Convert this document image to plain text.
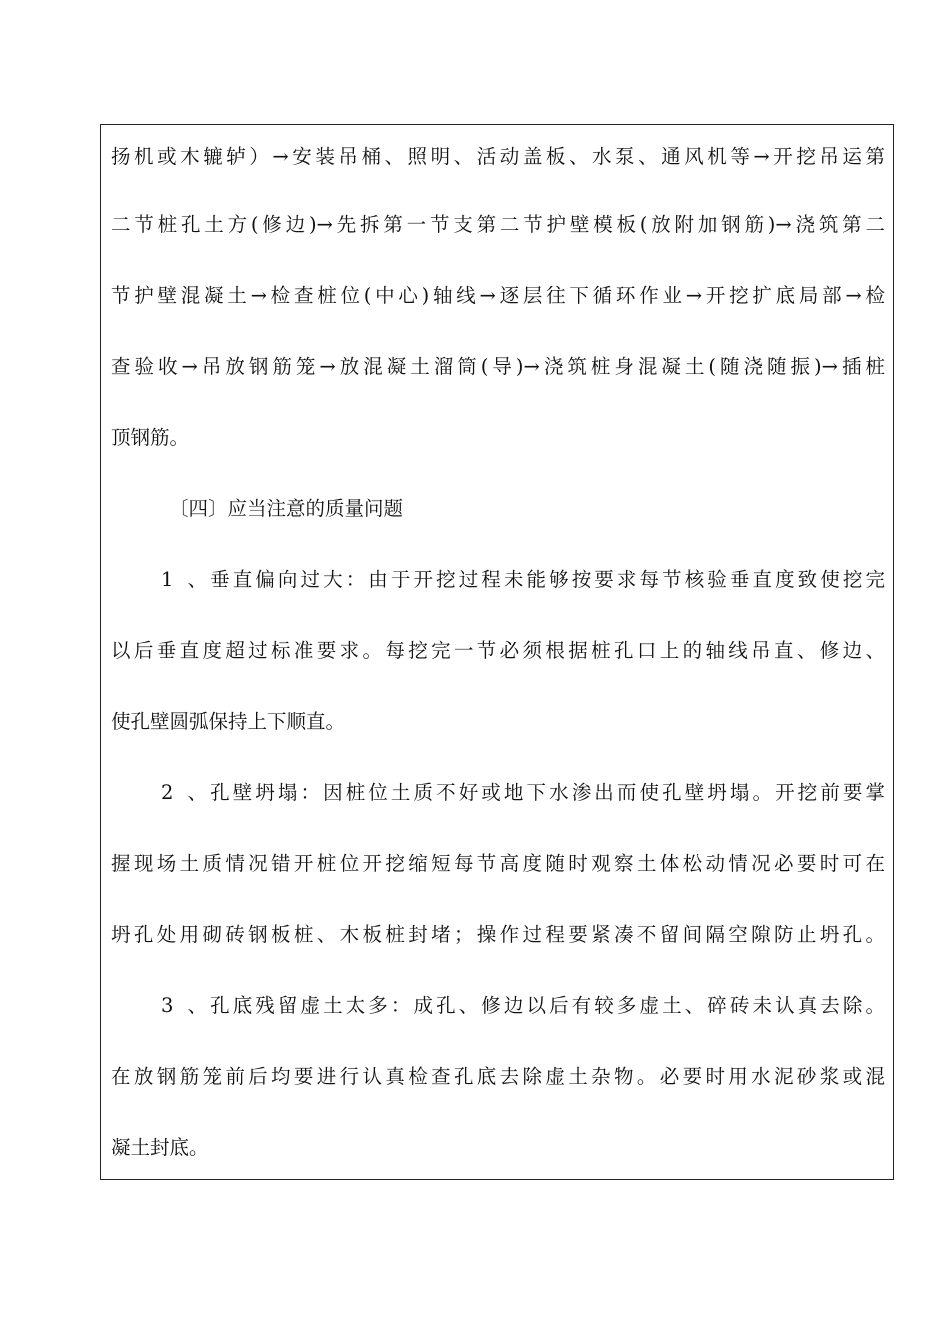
扬机或木辘轳）→安装吊桶、照明、活动盖板、水泵、通风机等→开挖吊运第
二节桩孔土方(修边)→先拆第一节支第二节护壁模板(放附加钢筋)→浇筑第二
节护壁混凝土→检查桩位(中心)轴线→逐层往下循环作业→开挖扩底局部→检
查验收→吊放钢筋笼→放混凝土溜筒(导)→浇筑桩身混凝土(随浇随振)→插桩
顶钢筋。
〔四〕应当注意的质量问题
1、垂直偏向过大：由于开挖过程未能够按要求每节核验垂直度致使挖完
以后垂直度超过标准要求。每挖完一节必须根据桩孔口上的轴线吊直、修边、
使孔壁圆弧保持上下顺直。
2、孔壁坍塌：因桩位土质不好或地下水渗出而使孔壁坍塌。开挖前要掌
握现场土质情况错开桩位开挖缩短每节高度随时观察土体松动情况必要时可在
坍孔处用砌砖钢板桩、木板桩封堵；操作过程要紧凑不留间隔空隙防止坍孔。
3、孔底残留虚土太多：成孔、修边以后有较多虚土、碎砖未认真去除。
在放钢筋笼前后均要进行认真检查孔底去除虚土杂物。必要时用水泥砂浆或混
凝土封底。
